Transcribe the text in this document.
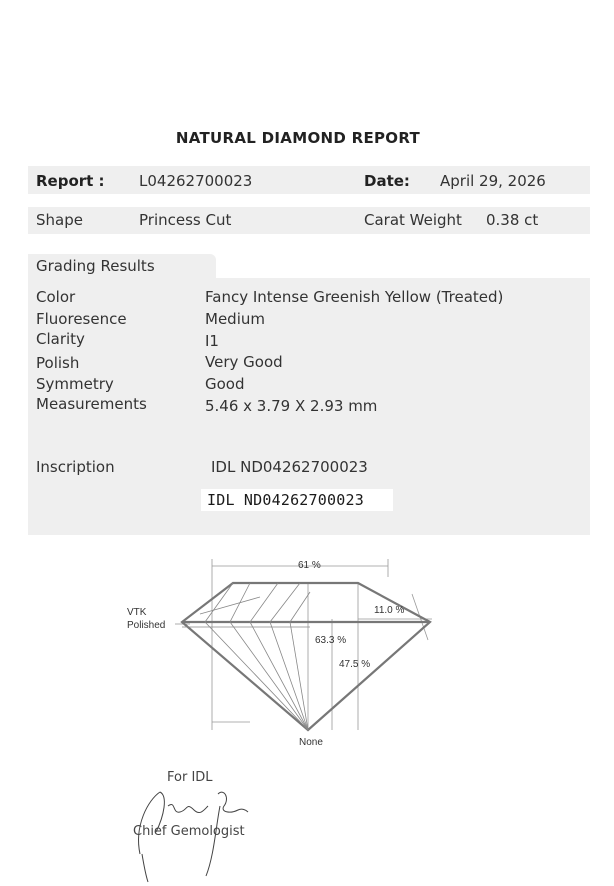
NATURAL DIAMOND REPORT
Report : L04262700023	Date: April 29, 2026
Shape	Princess Cut	Carat Weight 0.38 ct
Grading Results
Color	Fancy Intense Greenish Yellow (Treated)
Fluoresence	Medium
Clarity	I1
Polish	Very Good
Symmetry	Good
Measurements	5.46 x 3.79 X 2.93 mm
Inscription	IDL ND04262700023
IDL ND04262700023
61 %
11.0 %
63.3 %
47.5 %
VTK
Polished
None
For IDL
Chief Gemologist
